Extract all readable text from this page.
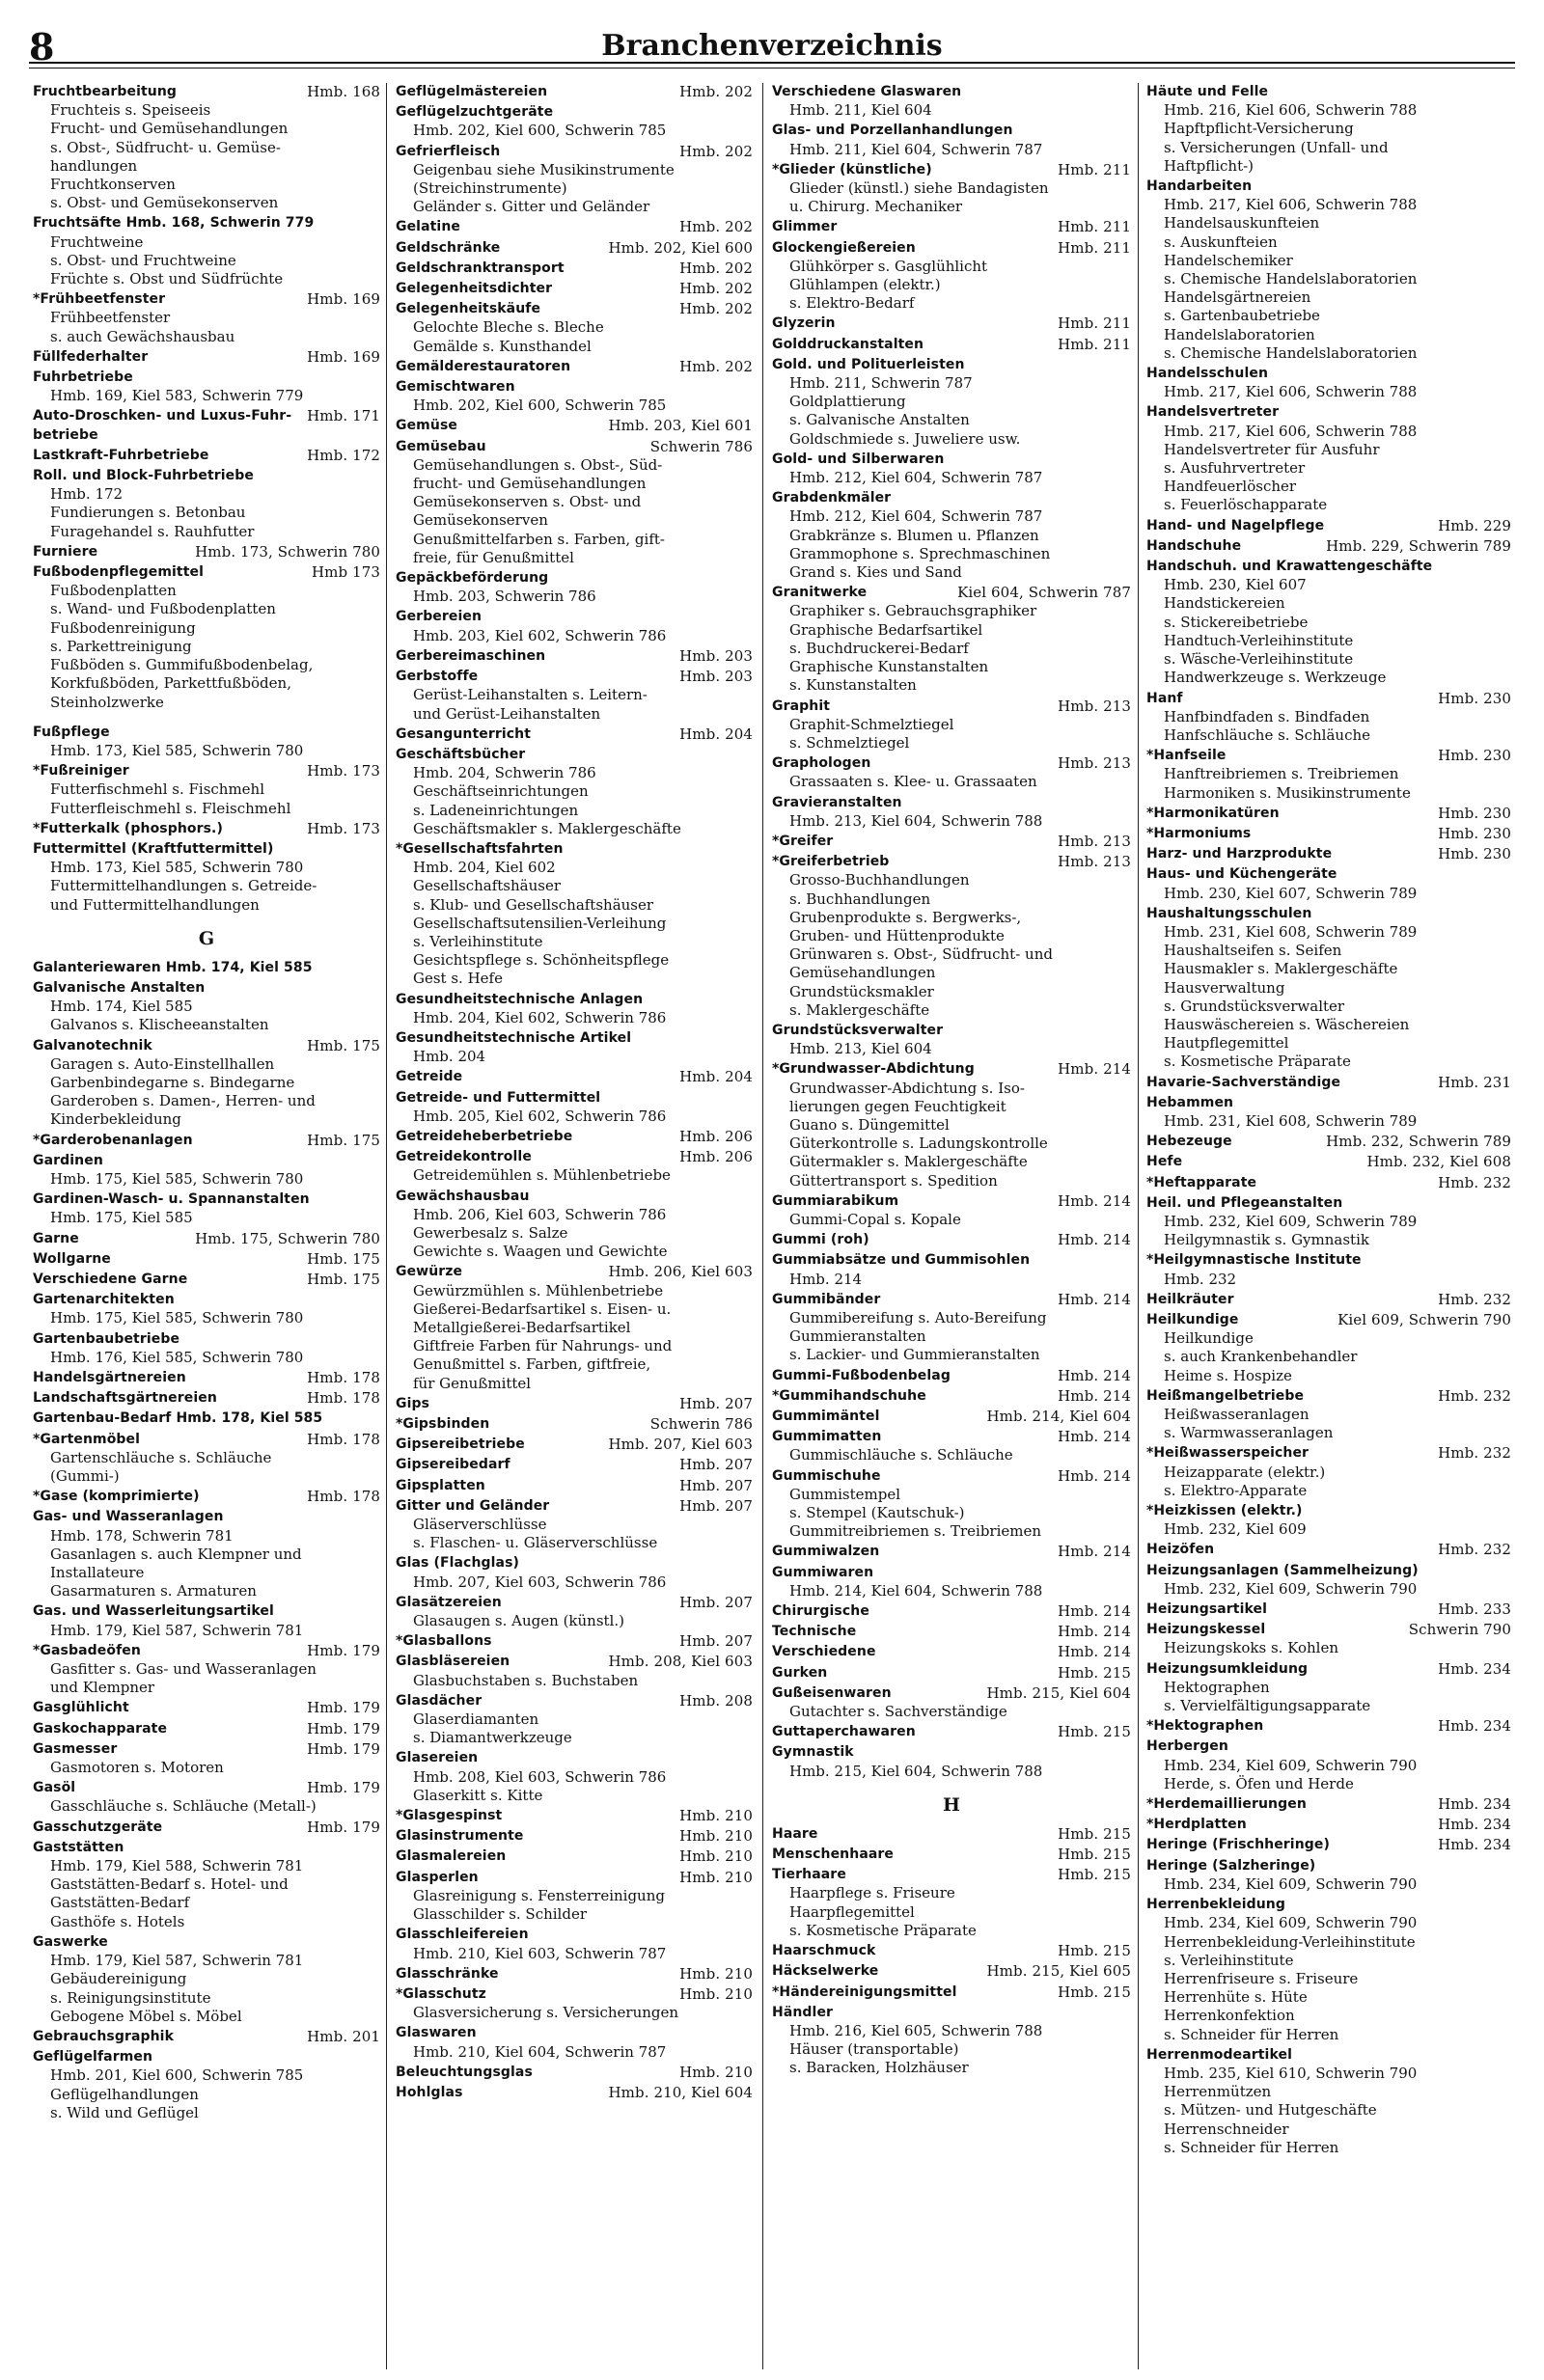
8	Branchenverzeichnis
Hmb. 168
Fruchtbearbeitung
Fruchteis s. Speiseeis
Frucht- und Gemüsehandlungen
s. Obst-, Südfrucht- u. Gemüse-
handlungen
Fruchtkonserven
s. Obst- und Gemüsekonserven
Fruchtsäfte Hmb. 168, Schwerin 779
Fruchtweine
s. Obst- und Fruchtweine
Früchte s. Obst und Südfrüchte
Hmb. 169
*Frühbeetfenster
Frühbeetfenster
s. auch Gewächshausbau
Hmb. 169
Füllfederhalter
Fuhrbetriebe
Hmb. 169, Kiel 583, Schwerin 779
Hmb. 171
Auto-Droschken- und Luxus-Fuhr-betriebe
Hmb. 172
Lastkraft-Fuhrbetriebe
Roll. und Block-Fuhrbetriebe
Hmb. 172
Fundierungen s. Betonbau
Furagehandel s. Rauhfutter
Hmb. 173, Schwerin 780
Furniere
Hmb 173
Fußbodenpflegemittel
Fußbodenplatten
s. Wand- und Fußbodenplatten
Fußbodenreinigung
s. Parkettreinigung
Fußböden s. Gummifußbodenbelag,
Korkfußböden, Parkettfußböden,
Steinholzwerke
Fußpflege
Hmb. 173, Kiel 585, Schwerin 780
Hmb. 173
*Fußreiniger
Futterfischmehl s. Fischmehl
Futterfleischmehl s. Fleischmehl
Hmb. 173
*Futterkalk (phosphors.)
Futtermittel (Kraftfuttermittel)
Hmb. 173, Kiel 585, Schwerin 780
Futtermittelhandlungen s. Getreide-
und Futtermittelhandlungen
G
Galanteriewaren Hmb. 174, Kiel 585
Galvanische Anstalten
Hmb. 174, Kiel 585
Galvanos s. Klischeeanstalten
Hmb. 175
Galvanotechnik
Garagen s. Auto-Einstellhallen
Garbenbindegarne s. Bindegarne
Garderoben s. Damen-, Herren- und
Kinderbekleidung
Hmb. 175
*Garderobenanlagen
Gardinen
Hmb. 175, Kiel 585, Schwerin 780
Gardinen-Wasch- u. Spannanstalten
Hmb. 175, Kiel 585
Hmb. 175, Schwerin 780
Garne
Hmb. 175
Wollgarne
Hmb. 175
Verschiedene Garne
Gartenarchitekten
Hmb. 175, Kiel 585, Schwerin 780
Gartenbaubetriebe
Hmb. 176, Kiel 585, Schwerin 780
Hmb. 178
Handelsgärtnereien
Hmb. 178
Landschaftsgärtnereien
Gartenbau-Bedarf Hmb. 178, Kiel 585
Hmb. 178
*Gartenmöbel
Gartenschläuche s. Schläuche
(Gummi-)
Hmb. 178
*Gase (komprimierte)
Gas- und Wasseranlagen
Hmb. 178, Schwerin 781
Gasanlagen s. auch Klempner und
Installateure
Gasarmaturen s. Armaturen
Gas. und Wasserleitungsartikel
Hmb. 179, Kiel 587, Schwerin 781
Hmb. 179
*Gasbadeöfen
Gasfitter s. Gas- und Wasseranlagen
und Klempner
Hmb. 179
Gasglühlicht
Hmb. 179
Gaskochapparate
Hmb. 179
Gasmesser
Gasmotoren s. Motoren
Hmb. 179
Gasöl
Gasschläuche s. Schläuche (Metall-)
Hmb. 179
Gasschutzgeräte
Gaststätten
Hmb. 179, Kiel 588, Schwerin 781
Gaststätten-Bedarf s. Hotel- und
Gaststätten-Bedarf
Gasthöfe s. Hotels
Gaswerke
Hmb. 179, Kiel 587, Schwerin 781
Gebäudereinigung
s. Reinigungsinstitute
Gebogene Möbel s. Möbel
Hmb. 201
Gebrauchsgraphik
Geflügelfarmen
Hmb. 201, Kiel 600, Schwerin 785
Geflügelhandlungen
s. Wild und Geflügel
Hmb. 202
Geflügelmästereien
Geflügelzuchtgeräte
Hmb. 202, Kiel 600, Schwerin 785
Hmb. 202
Gefrierfleisch
Geigenbau siehe Musikinstrumente
(Streichinstrumente)
Geländer s. Gitter und Geländer
Hmb. 202
Gelatine
Hmb. 202, Kiel 600
Geldschränke
Hmb. 202
Geldschranktransport
Hmb. 202
Gelegenheitsdichter
Hmb. 202
Gelegenheitskäufe
Gelochte Bleche s. Bleche
Gemälde s. Kunsthandel
Hmb. 202
Gemälderestauratoren
Gemischtwaren
Hmb. 202, Kiel 600, Schwerin 785
Hmb. 203, Kiel 601
Gemüse
Schwerin 786
Gemüsebau
Gemüsehandlungen s. Obst-, Süd-
frucht- und Gemüsehandlungen
Gemüsekonserven s. Obst- und
Gemüsekonserven
Genußmittelfarben s. Farben, gift-
freie, für Genußmittel
Gepäckbeförderung
Hmb. 203, Schwerin 786
Gerbereien
Hmb. 203, Kiel 602, Schwerin 786
Hmb. 203
Gerbereimaschinen
Hmb. 203
Gerbstoffe
Gerüst-Leihanstalten s. Leitern-
und Gerüst-Leihanstalten
Hmb. 204
Gesangunterricht
Geschäftsbücher
Hmb. 204, Schwerin 786
Geschäftseinrichtungen
s. Ladeneinrichtungen
Geschäftsmakler s. Maklergeschäfte
*Gesellschaftsfahrten
Hmb. 204, Kiel 602
Gesellschaftshäuser
s. Klub- und Gesellschaftshäuser
Gesellschaftsutensilien-Verleihung
s. Verleihinstitute
Gesichtspflege s. Schönheitspflege
Gest s. Hefe
Gesundheitstechnische Anlagen
Hmb. 204, Kiel 602, Schwerin 786
Gesundheitstechnische Artikel
Hmb. 204
Hmb. 204
Getreide
Getreide- und Futtermittel
Hmb. 205, Kiel 602, Schwerin 786
Hmb. 206
Getreideheberbetriebe
Hmb. 206
Getreidekontrolle
Getreidemühlen s. Mühlenbetriebe
Gewächshausbau
Hmb. 206, Kiel 603, Schwerin 786
Gewerbesalz s. Salze
Gewichte s. Waagen und Gewichte
Hmb. 206, Kiel 603
Gewürze
Gewürzmühlen s. Mühlenbetriebe
Gießerei-Bedarfsartikel s. Eisen- u.
Metallgießerei-Bedarfsartikel
Giftfreie Farben für Nahrungs- und
Genußmittel s. Farben, giftfreie,
für Genußmittel
Hmb. 207
Gips
Schwerin 786
*Gipsbinden
Hmb. 207, Kiel 603
Gipsereibetriebe
Hmb. 207
Gipsereibedarf
Hmb. 207
Gipsplatten
Hmb. 207
Gitter und Geländer
Gläserverschlüsse
s. Flaschen- u. Gläserverschlüsse
Glas (Flachglas)
Hmb. 207, Kiel 603, Schwerin 786
Hmb. 207
Glasätzereien
Glasaugen s. Augen (künstl.)
Hmb. 207
*Glasballons
Hmb. 208, Kiel 603
Glasbläsereien
Glasbuchstaben s. Buchstaben
Hmb. 208
Glasdächer
Glaserdiamanten
s. Diamantwerkzeuge
Glasereien
Hmb. 208, Kiel 603, Schwerin 786
Glaserkitt s. Kitte
Hmb. 210
*Glasgespinst
Hmb. 210
Glasinstrumente
Hmb. 210
Glasmalereien
Hmb. 210
Glasperlen
Glasreinigung s. Fensterreinigung
Glasschilder s. Schilder
Glasschleifereien
Hmb. 210, Kiel 603, Schwerin 787
Hmb. 210
Glasschränke
Hmb. 210
*Glasschutz
Glasversicherung s. Versicherungen
Glaswaren
Hmb. 210, Kiel 604, Schwerin 787
Hmb. 210
Beleuchtungsglas
Hmb. 210, Kiel 604
Hohlglas
Verschiedene Glaswaren
Hmb. 211, Kiel 604
Glas- und Porzellanhandlungen
Hmb. 211, Kiel 604, Schwerin 787
Hmb. 211
*Glieder (künstliche)
Glieder (künstl.) siehe Bandagisten
u. Chirurg. Mechaniker
Hmb. 211
Glimmer
Hmb. 211
Glockengießereien
Glühkörper s. Gasglühlicht
Glühlampen (elektr.)
s. Elektro-Bedarf
Hmb. 211
Glyzerin
Hmb. 211
Golddruckanstalten
Gold. und Polituerleisten
Hmb. 211, Schwerin 787
Goldplattierung
s. Galvanische Anstalten
Goldschmiede s. Juweliere usw.
Gold- und Silberwaren
Hmb. 212, Kiel 604, Schwerin 787
Grabdenkmäler
Hmb. 212, Kiel 604, Schwerin 787
Grabkränze s. Blumen u. Pflanzen
Grammophone s. Sprechmaschinen
Grand s. Kies und Sand
Kiel 604, Schwerin 787
Granitwerke
Graphiker s. Gebrauchsgraphiker
Graphische Bedarfsartikel
s. Buchdruckerei-Bedarf
Graphische Kunstanstalten
s. Kunstanstalten
Hmb. 213
Graphit
Graphit-Schmelztiegel
s. Schmelztiegel
Hmb. 213
Graphologen
Grassaaten s. Klee- u. Grassaaten
Gravieranstalten
Hmb. 213, Kiel 604, Schwerin 788
Hmb. 213
*Greifer
Hmb. 213
*Greiferbetrieb
Grosso-Buchhandlungen
s. Buchhandlungen
Grubenprodukte s. Bergwerks-,
Gruben- und Hüttenprodukte
Grünwaren s. Obst-, Südfrucht- und
Gemüsehandlungen
Grundstücksmakler
s. Maklergeschäfte
Grundstücksverwalter
Hmb. 213, Kiel 604
Hmb. 214
*Grundwasser-Abdichtung
Grundwasser-Abdichtung s. Iso-
lierungen gegen Feuchtigkeit
Guano s. Düngemittel
Güterkontrolle s. Ladungskontrolle
Gütermakler s. Maklergeschäfte
Güttertransport s. Spedition
Hmb. 214
Gummiarabikum
Gummi-Copal s. Kopale
Hmb. 214
Gummi (roh)
Gummiabsätze und Gummisohlen
Hmb. 214
Hmb. 214
Gummibänder
Gummibereifung s. Auto-Bereifung
Gummieranstalten
s. Lackier- und Gummieranstalten
Hmb. 214
Gummi-Fußbodenbelag
Hmb. 214
*Gummihandschuhe
Hmb. 214, Kiel 604
Gummimäntel
Hmb. 214
Gummimatten
Gummischläuche s. Schläuche
Hmb. 214
Gummischuhe
Gummistempel
s. Stempel (Kautschuk-)
Gummitreibriemen s. Treibriemen
Hmb. 214
Gummiwalzen
Gummiwaren
Hmb. 214, Kiel 604, Schwerin 788
Hmb. 214
Chirurgische
Hmb. 214
Technische
Hmb. 214
Verschiedene
Hmb. 215
Gurken
Hmb. 215, Kiel 604
Gußeisenwaren
Gutachter s. Sachverständige
Hmb. 215
Guttaperchawaren
Gymnastik
Hmb. 215, Kiel 604, Schwerin 788
H
Hmb. 215
Haare
Hmb. 215
Menschenhaare
Hmb. 215
Tierhaare
Haarpflege s. Friseure
Haarpflegemittel
s. Kosmetische Präparate
Hmb. 215
Haarschmuck
Hmb. 215, Kiel 605
Häckselwerke
Hmb. 215
*Händereinigungsmittel
Händler
Hmb. 216, Kiel 605, Schwerin 788
Häuser (transportable)
s. Baracken, Holzhäuser
Häute und Felle
Hmb. 216, Kiel 606, Schwerin 788
Hapftpflicht-Versicherung
s. Versicherungen (Unfall- und
Haftpflicht-)
Handarbeiten
Hmb. 217, Kiel 606, Schwerin 788
Handelsauskunfteien
s. Auskunfteien
Handelschemiker
s. Chemische Handelslaboratorien
Handelsgärtnereien
s. Gartenbaubetriebe
Handelslaboratorien
s. Chemische Handelslaboratorien
Handelsschulen
Hmb. 217, Kiel 606, Schwerin 788
Handelsvertreter
Hmb. 217, Kiel 606, Schwerin 788
Handelsvertreter für Ausfuhr
s. Ausfuhrvertreter
Handfeuerlöscher
s. Feuerlöschapparate
Hmb. 229
Hand- und Nagelpflege
Hmb. 229, Schwerin 789
Handschuhe
Handschuh. und Krawattengeschäfte
Hmb. 230, Kiel 607
Handstickereien
s. Stickereibetriebe
Handtuch-Verleihinstitute
s. Wäsche-Verleihinstitute
Handwerkzeuge s. Werkzeuge
Hmb. 230
Hanf
Hanfbindfaden s. Bindfaden
Hanfschläuche s. Schläuche
Hmb. 230
*Hanfseile
Hanftreibriemen s. Treibriemen
Harmoniken s. Musikinstrumente
Hmb. 230
*Harmonikatüren
Hmb. 230
*Harmoniums
Hmb. 230
Harz- und Harzprodukte
Haus- und Küchengeräte
Hmb. 230, Kiel 607, Schwerin 789
Haushaltungsschulen
Hmb. 231, Kiel 608, Schwerin 789
Haushaltseifen s. Seifen
Hausmakler s. Maklergeschäfte
Hausverwaltung
s. Grundstücksverwalter
Hauswäschereien s. Wäschereien
Hautpflegemittel
s. Kosmetische Präparate
Hmb. 231
Havarie-Sachverständige
Hebammen
Hmb. 231, Kiel 608, Schwerin 789
Hmb. 232, Schwerin 789
Hebezeuge
Hmb. 232, Kiel 608
Hefe
Hmb. 232
*Heftapparate
Heil. und Pflegeanstalten
Hmb. 232, Kiel 609, Schwerin 789
Heilgymnastik s. Gymnastik
*Heilgymnastische Institute
Hmb. 232
Hmb. 232
Heilkräuter
Kiel 609, Schwerin 790
Heilkundige
Heilkundige
s. auch Krankenbehandler
Heime s. Hospize
Hmb. 232
Heißmangelbetriebe
Heißwasseranlagen
s. Warmwasseranlagen
Hmb. 232
*Heißwasserspeicher
Heizapparate (elektr.)
s. Elektro-Apparate
*Heizkissen (elektr.)
Hmb. 232, Kiel 609
Hmb. 232
Heizöfen
Heizungsanlagen (Sammelheizung)
Hmb. 232, Kiel 609, Schwerin 790
Hmb. 233
Heizungsartikel
Schwerin 790
Heizungskessel
Heizungskoks s. Kohlen
Hmb. 234
Heizungsumkleidung
Hektographen
s. Vervielfältigungsapparate
Hmb. 234
*Hektographen
Herbergen
Hmb. 234, Kiel 609, Schwerin 790
Herde, s. Öfen und Herde
Hmb. 234
*Herdemaillierungen
Hmb. 234
*Herdplatten
Hmb. 234
Heringe (Frischheringe)
Heringe (Salzheringe)
Hmb. 234, Kiel 609, Schwerin 790
Herrenbekleidung
Hmb. 234, Kiel 609, Schwerin 790
Herrenbekleidung-Verleihinstitute
s. Verleihinstitute
Herrenfriseure s. Friseure
Herrenhüte s. Hüte
Herrenkonfektion
s. Schneider für Herren
Herrenmodeartikel
Hmb. 235, Kiel 610, Schwerin 790
Herrenmützen
s. Mützen- und Hutgeschäfte
Herrenschneider
s. Schneider für Herren
